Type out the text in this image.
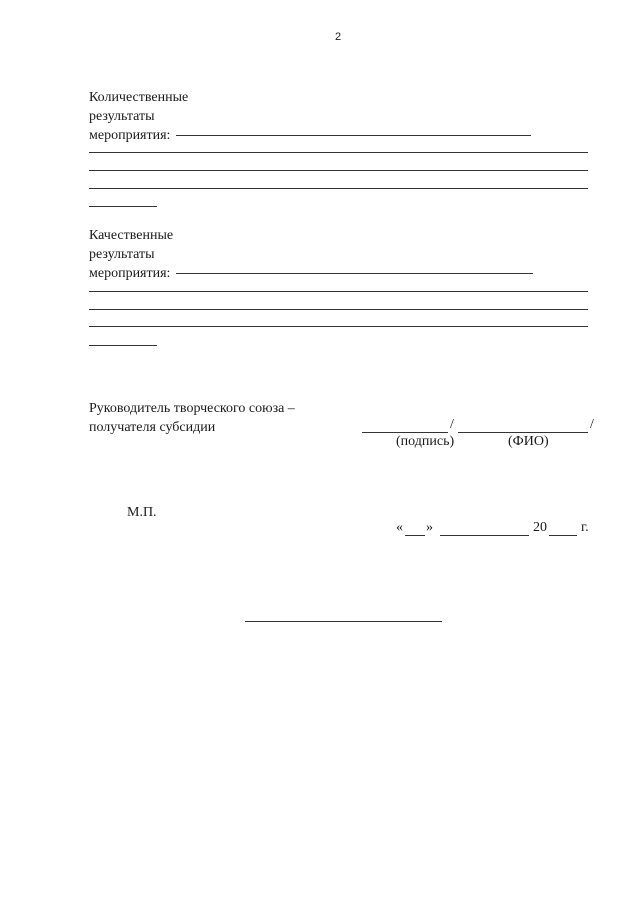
2
Количественные
результаты
мероприятия:
Качественные
результаты
мероприятия:
Руководитель творческого союза –
получателя субсидии	/	/
(подпись)	(ФИО)
М.П.
« »	20 г.
